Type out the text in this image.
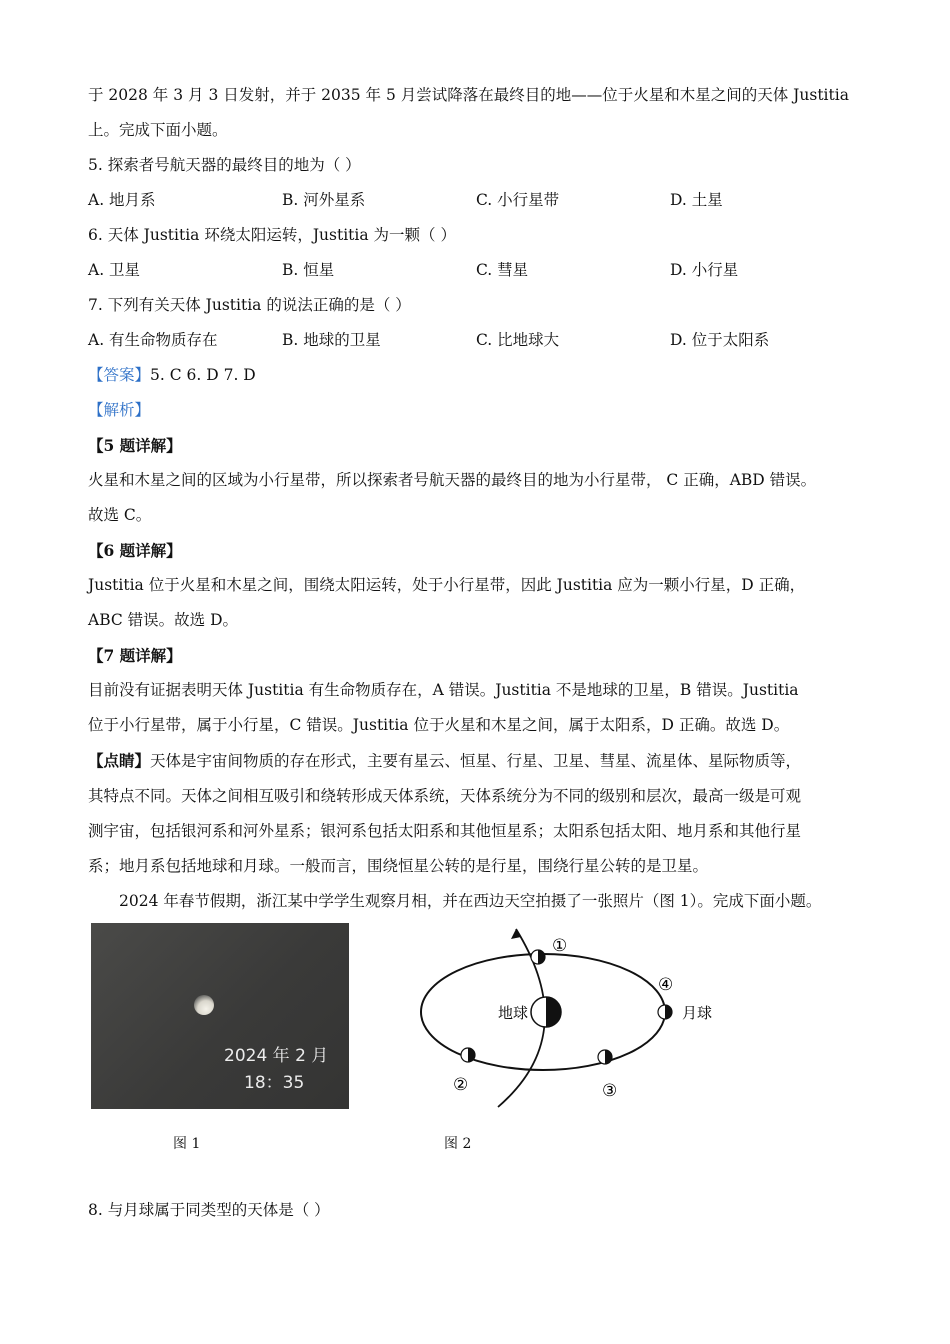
于 2028 年 3 月 3 日发射，并于 2035 年 5 月尝试降落在最终目的地——位于火星和木星之间的天体 Justitia
上。完成下面小题。
5. 探索者号航天器的最终目的地为（ ）
A. 地月系	B. 河外星系	C. 小行星带	D. 土星
6. 天体 Justitia 环绕太阳运转，Justitia 为一颗（ ）
A. 卫星	B. 恒星	C. 彗星	D. 小行星
7. 下列有关天体 Justitia 的说法正确的是（ ）
A. 有生命物质存在	B. 地球的卫星	C. 比地球大	D. 位于太阳系
【答案】5. C 6. D 7. D
【解析】
【5 题详解】
火星和木星之间的区域为小行星带，所以探索者号航天器的最终目的地为小行星带， C 正确，ABD 错误。
故选 C。
【6 题详解】
Justitia 位于火星和木星之间，围绕太阳运转，处于小行星带，因此 Justitia 应为一颗小行星，D 正确，
ABC 错误。故选 D。
【7 题详解】
目前没有证据表明天体 Justitia 有生命物质存在，A 错误。Justitia 不是地球的卫星，B 错误。Justitia
位于小行星带，属于小行星，C 错误。Justitia 位于火星和木星之间，属于太阳系，D 正确。故选 D。
【点睛】天体是宇宙间物质的存在形式，主要有星云、恒星、行星、卫星、彗星、流星体、星际物质等，
其特点不同。天体之间相互吸引和绕转形成天体系统，天体系统分为不同的级别和层次，最高一级是可观
测宇宙，包括银河系和河外星系；银河系包括太阳系和其他恒星系；太阳系包括太阳、地月系和其他行星
系；地月系包括地球和月球。一般而言，围绕恒星公转的是行星，围绕行星公转的是卫星。
2024 年春节假期，浙江某中学学生观察月相，并在西边天空拍摄了一张照片（图 1）。完成下面小题。
2024 年 2 月
18：35
地球
①
②	③
④
月球
图 1	图 2
8. 与月球属于同类型的天体是（ ）
